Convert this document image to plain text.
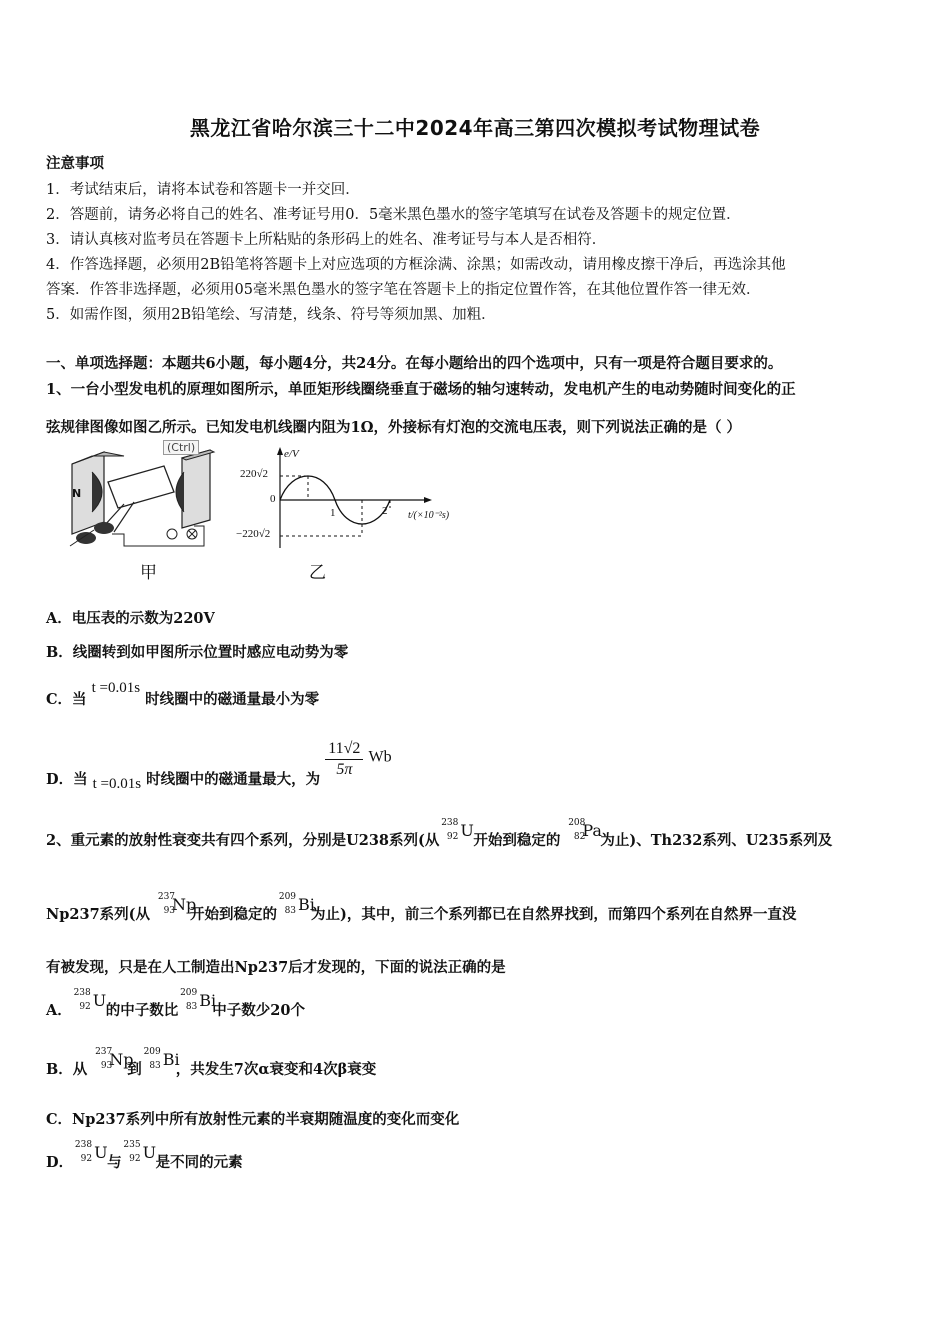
黑龙江省哈尔滨三十二中2024年高三第四次模拟考试物理试卷
注意事项
1．考试结束后，请将本试卷和答题卡一并交回．
2．答题前，请务必将自己的姓名、准考证号用0．5毫米黑色墨水的签字笔填写在试卷及答题卡的规定位置．
3．请认真核对监考员在答题卡上所粘贴的条形码上的姓名、准考证号与本人是否相符．
4．作答选择题，必须用2B铅笔将答题卡上对应选项的方框涂满、涂黑；如需改动，请用橡皮擦干净后，再选涂其他
答案．作答非选择题，必须用05毫米黑色墨水的签字笔在答题卡上的指定位置作答，在其他位置作答一律无效．
5．如需作图，须用2B铅笔绘、写清楚，线条、符号等须加黑、加粗．
一、单项选择题：本题共6小题，每小题4分，共24分。在每小题给出的四个选项中，只有一项是符合题目要求的。
1、一台小型发电机的原理如图所示，单匝矩形线圈绕垂直于磁场的轴匀速转动，发电机产生的电动势随时间变化的正
弦规律图像如图乙所示。已知发电机线圈内阻为1Ω，外接标有灯泡的交流电压表，则下列说法正确的是（ ）
N
(Ctrl)
甲
e/V
220√2
0
−220√2
1	2 t/(×10⁻²s)
乙
A．电压表的示数为220V
B．线圈转到如甲图所示位置时感应电动势为零
C．当 t =0.01s 时线圈中的磁通量最小为零
D．当 t =0.01s 时线圈中的磁通量最大，为 $\frac{11√2}{5\pi}$ Wb
2、重元素的放射性衰变共有四个系列，分别是U238系列(从
238
92 U
开始到稳定的
208
82
Pa
为止)、Th232系列、U235系列及
Np237系列(从
237
93
Np
开始到稳定的
209
83 Bi
为止)，其中，前三个系列都已在自然界找到，而第四个系列在自然界一直没
有被发现，只是在人工制造出Np237后才发现的，下面的说法正确的是
A．
238
92 U
的中子数比
209
83 Bi
中子数少20个
B．从
237
93
Np
到
209
83 Bi
，共发生7次α衰变和4次β衰变
C．Np237系列中所有放射性元素的半衰期随温度的变化而变化
D．
238
92 U
与
235
92 U
是不同的元素
